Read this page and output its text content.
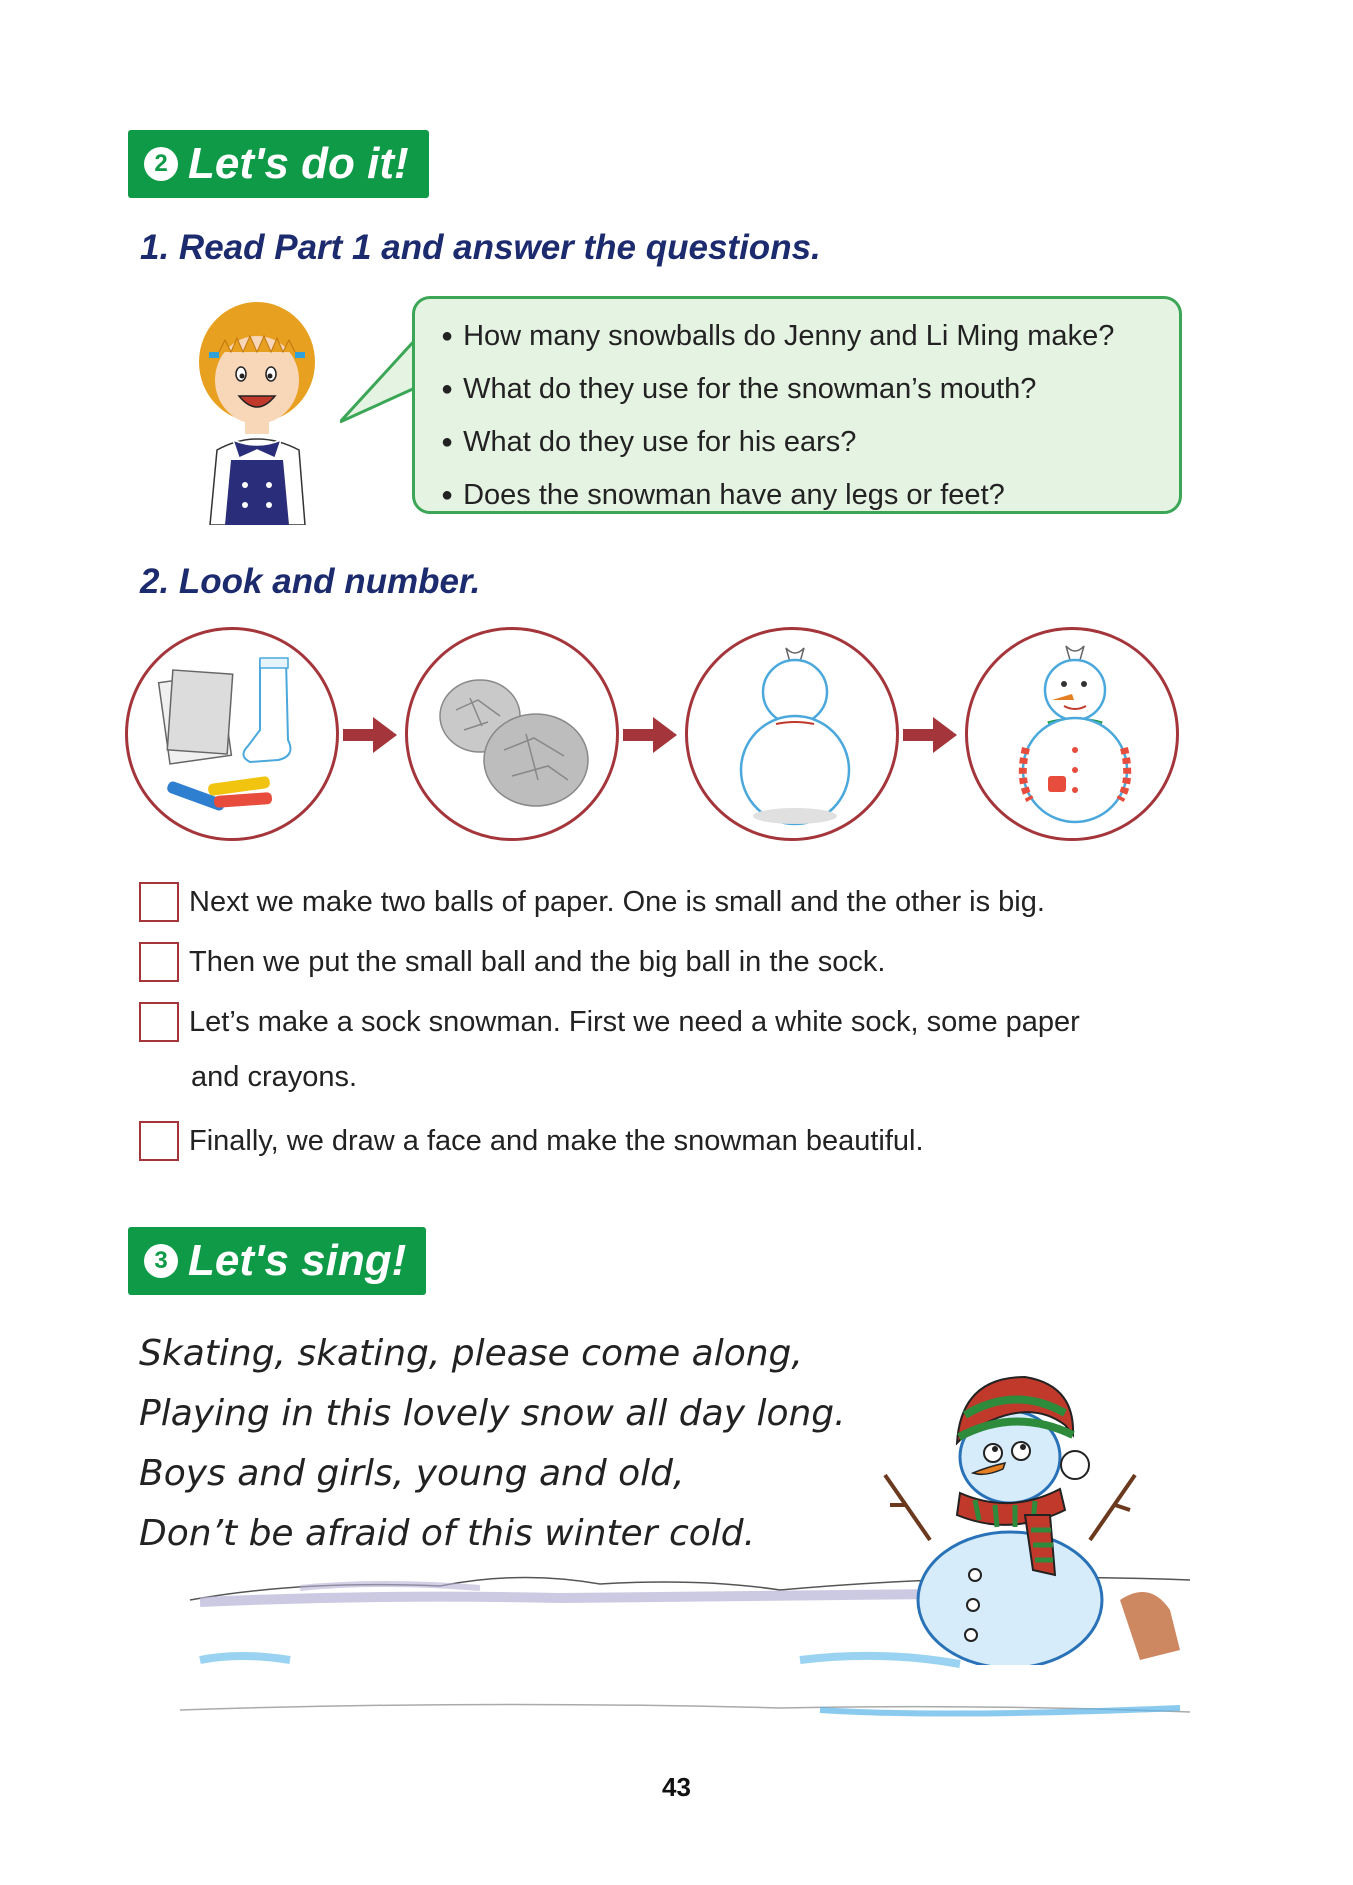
2 Let's do it!
1. Read Part 1 and answer the questions.
● How many snowballs do Jenny and Li Ming make?
● What do they use for the snowman’s mouth?
● What do they use for his ears?
● Does the snowman have any legs or feet?
2. Look and number.
Next we make two balls of paper. One is small and the other is big.
Then we put the small ball and the big ball in the sock.
Let’s make a sock snowman. First we need a white sock, some paper
and crayons.
Finally, we draw a face and make the snowman beautiful.
3 Let's sing!
Skating, skating, please come along,
Playing in this lovely snow all day long.
Boys and girls, young and old,
Don’t be afraid of this winter cold.
43
